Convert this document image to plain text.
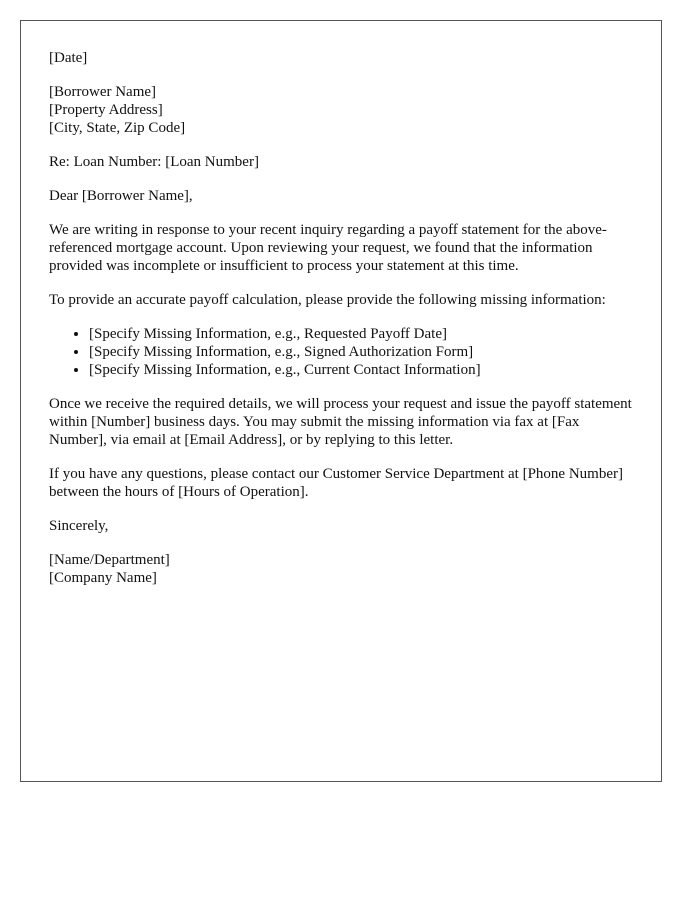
[Date]

[Borrower Name]
[Property Address]
[City, State, Zip Code]

Re: Loan Number: [Loan Number]

Dear [Borrower Name],

We are writing in response to your recent inquiry regarding a payoff statement for the above-referenced mortgage account. Upon reviewing your request, we found that the information provided was incomplete or insufficient to process your statement at this time.

To provide an accurate payoff calculation, please provide the following missing information:

• [Specify Missing Information, e.g., Requested Payoff Date]
• [Specify Missing Information, e.g., Signed Authorization Form]
• [Specify Missing Information, e.g., Current Contact Information]

Once we receive the required details, we will process your request and issue the payoff statement within [Number] business days. You may submit the missing information via fax at [Fax Number], via email at [Email Address], or by replying to this letter.

If you have any questions, please contact our Customer Service Department at [Phone Number] between the hours of [Hours of Operation].

Sincerely,

[Name/Department]
[Company Name]
